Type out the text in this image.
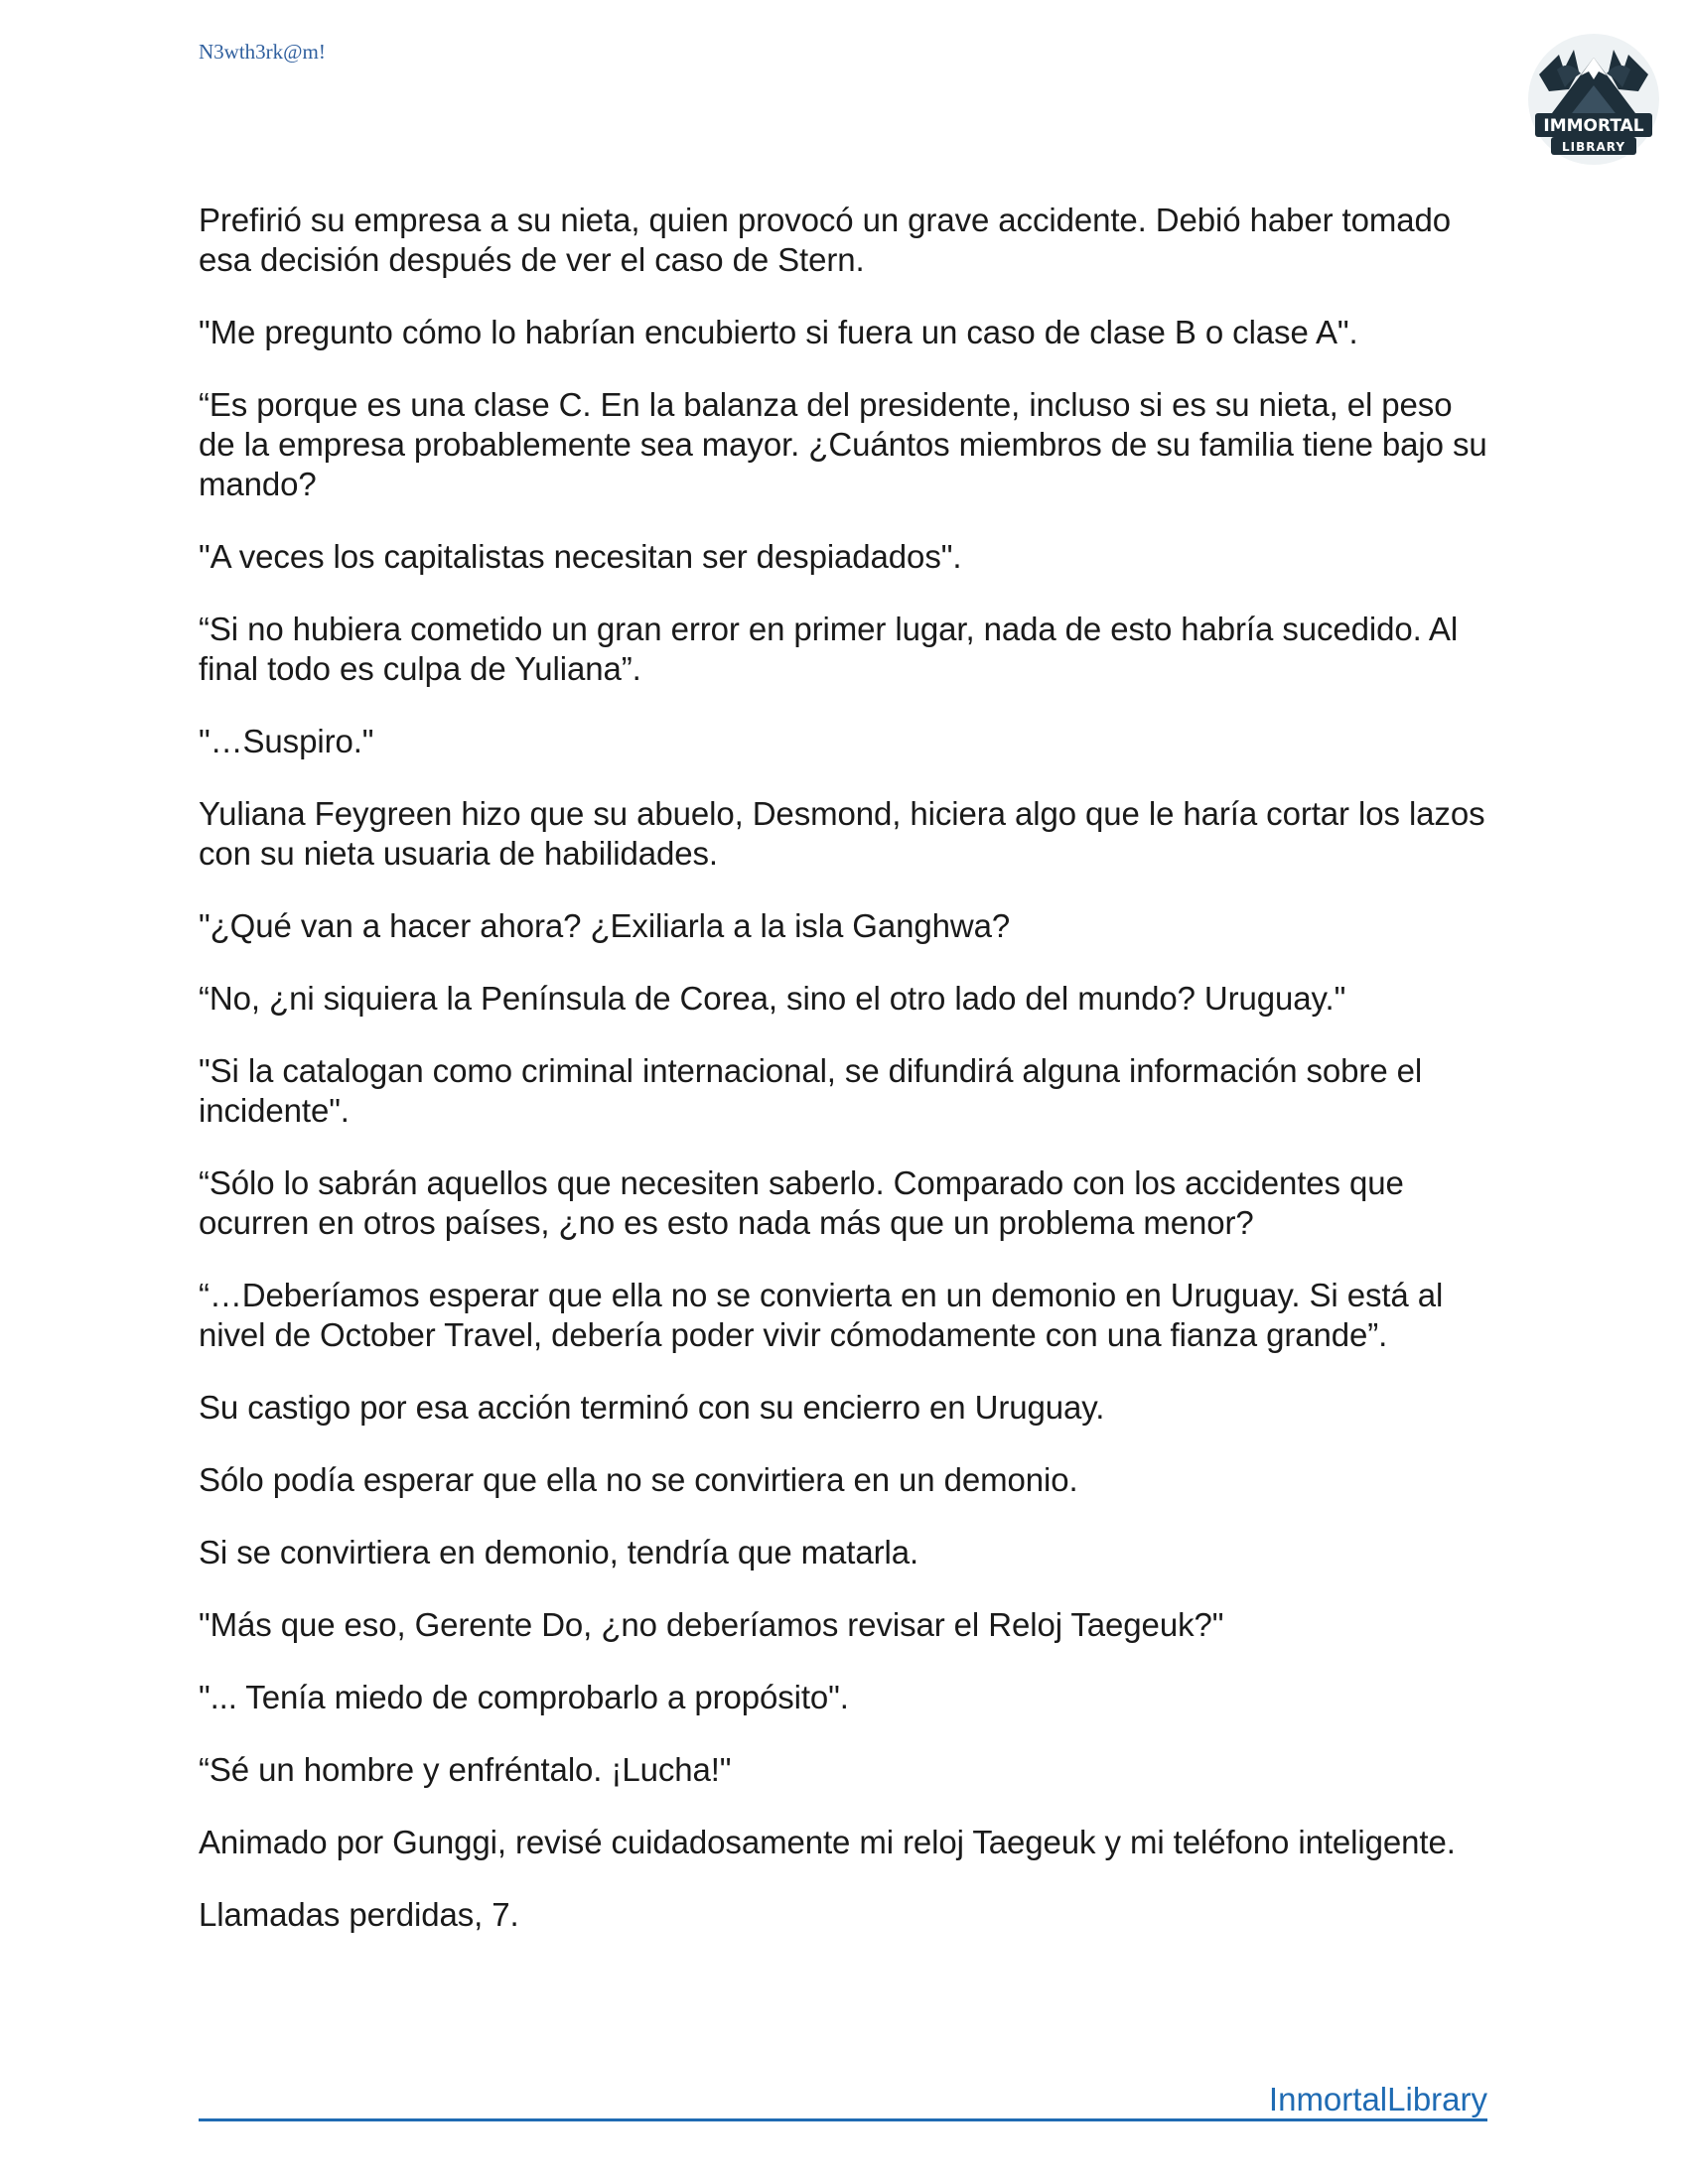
N3wth3rk@m!
IMMORTAL
LIBRARY

Prefirió su empresa a su nieta, quien provocó un grave accidente. Debió haber tomado esa decisión después de ver el caso de Stern.

"Me pregunto cómo lo habrían encubierto si fuera un caso de clase B o clase A".

“Es porque es una clase C. En la balanza del presidente, incluso si es su nieta, el peso de la empresa probablemente sea mayor. ¿Cuántos miembros de su familia tiene bajo su mando?

"A veces los capitalistas necesitan ser despiadados".

“Si no hubiera cometido un gran error en primer lugar, nada de esto habría sucedido. Al final todo es culpa de Yuliana”.

"…Suspiro."

Yuliana Feygreen hizo que su abuelo, Desmond, hiciera algo que le haría cortar los lazos con su nieta usuaria de habilidades.

"¿Qué van a hacer ahora? ¿Exiliarla a la isla Ganghwa?

“No, ¿ni siquiera la Península de Corea, sino el otro lado del mundo? Uruguay."

"Si la catalogan como criminal internacional, se difundirá alguna información sobre el incidente".

“Sólo lo sabrán aquellos que necesiten saberlo. Comparado con los accidentes que ocurren en otros países, ¿no es esto nada más que un problema menor?

“…Deberíamos esperar que ella no se convierta en un demonio en Uruguay. Si está al nivel de October Travel, debería poder vivir cómodamente con una fianza grande”.

Su castigo por esa acción terminó con su encierro en Uruguay.

Sólo podía esperar que ella no se convirtiera en un demonio.

Si se convirtiera en demonio, tendría que matarla.

"Más que eso, Gerente Do, ¿no deberíamos revisar el Reloj Taegeuk?"

"... Tenía miedo de comprobarlo a propósito".

“Sé un hombre y enfréntalo. ¡Lucha!"

Animado por Gunggi, revisé cuidadosamente mi reloj Taegeuk y mi teléfono inteligente.

Llamadas perdidas, 7.

InmortalLibrary
